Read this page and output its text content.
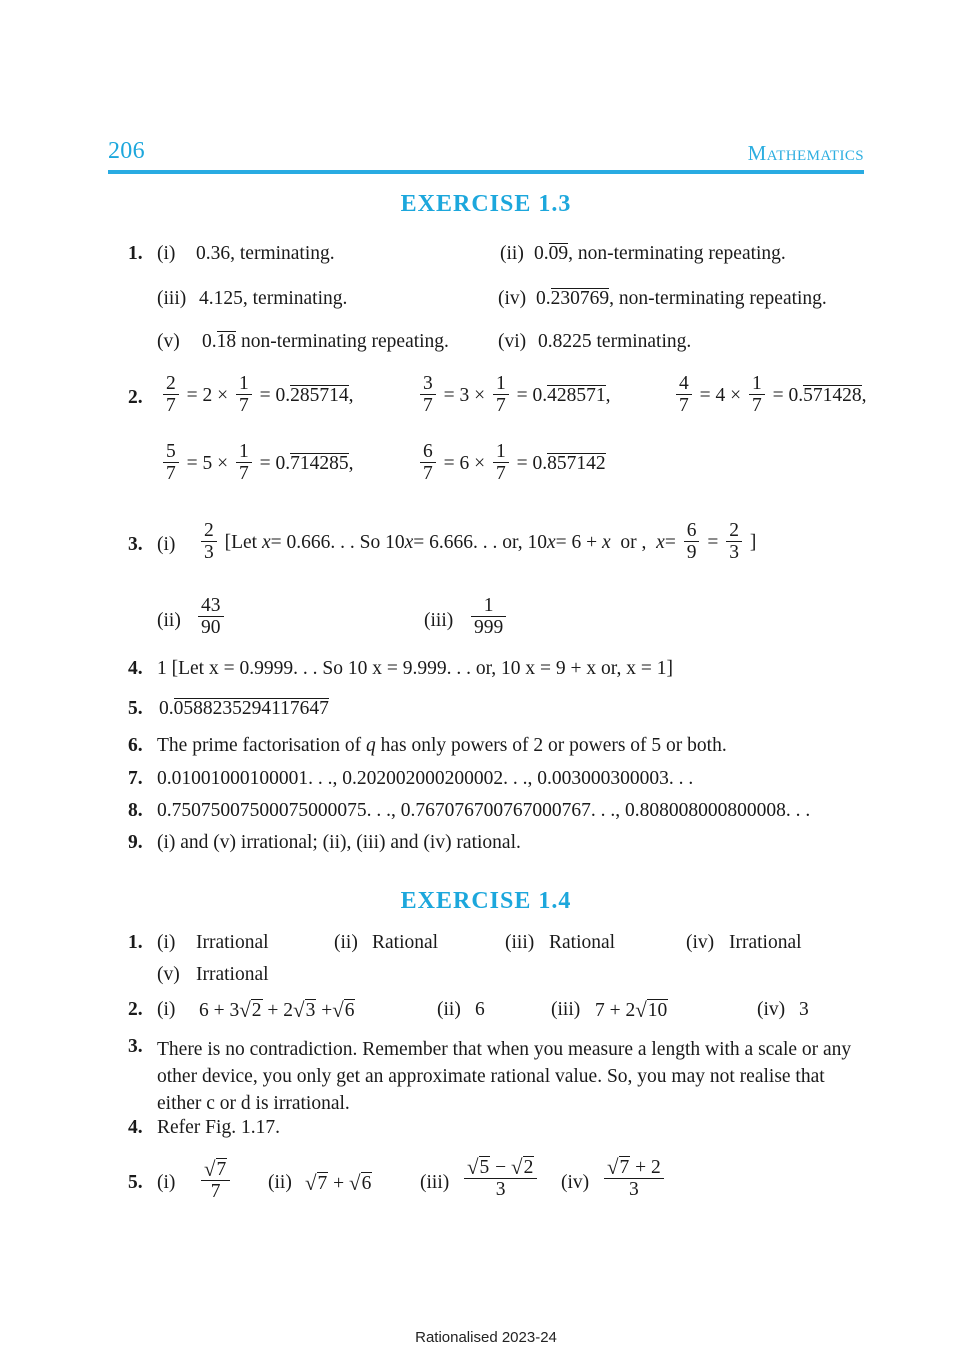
206	Mathematics
EXERCISE 1.3
1. (i) 0.36, terminating.	(ii) 0.09, non-terminating repeating.
(iii) 4.125, terminating.	(iv) 0.230769, non-terminating repeating.
(v) 0.18 non-terminating repeating.	(vi) 0.8225 terminating.
2. $\frac{2}{7} = 2 \times \frac{1}{7} = 0.285714$,	$\frac{3}{7} = 3 \times \frac{1}{7} = 0.428571$,	$\frac{4}{7} = 4 \times \frac{1}{7} = 0.571428$,
$\frac{5}{7} = 5 \times \frac{1}{7} = 0.714285$,	$\frac{6}{7} = 6 \times \frac{1}{7} = 0.857142$
3. $(i) \frac{2}{3} [Let$ x= 0.666. . . So 10x= 6.666. . . or, 10x= 6 + x or , $x= \frac{6}{9} = \frac{2}{3}$ ]
$(ii) \frac{43}{90}$	$(iii) \frac{1}{999}$
4. 1 [Let x = 0.9999. . . So 10 x = 9.999. . . or, 10 x = 9 + x or, x = 1]
5. 0.0588235294117647
6. The prime factorisation of q has only powers of 2 or powers of 5 or both.
7. 0.01001000100001. . ., 0.202002000200002. . ., 0.003000300003. . .
8. 0.75075007500075000075. . ., 0.767076700767000767. . ., 0.808008000800008. . .
9. (i) and (v) irrational; (ii), (iii) and (iv) rational.
EXERCISE 1.4
1. (i) Irrational	(ii) Rational	(iii) Rational	(iv) Irrational
(v) Irrational
2. (i) 6 + 3√2 + 2√3 +√6	(ii) 6	(iii) 7 + 2√10	(iv) 3
3. There is no contradiction. Remember that when you measure a length with a scale or any other device, you only get an approximate rational value. So, you may not realise that either c or d is irrational.
4. Refer Fig. 1.17.
5. $(i) \frac{√7}{7} (ii) √7 + √6$ $(iii) \frac{√5 - √2}{3} (iv) \frac{√7 + 2}{3}$
Rationalised 2023-24
